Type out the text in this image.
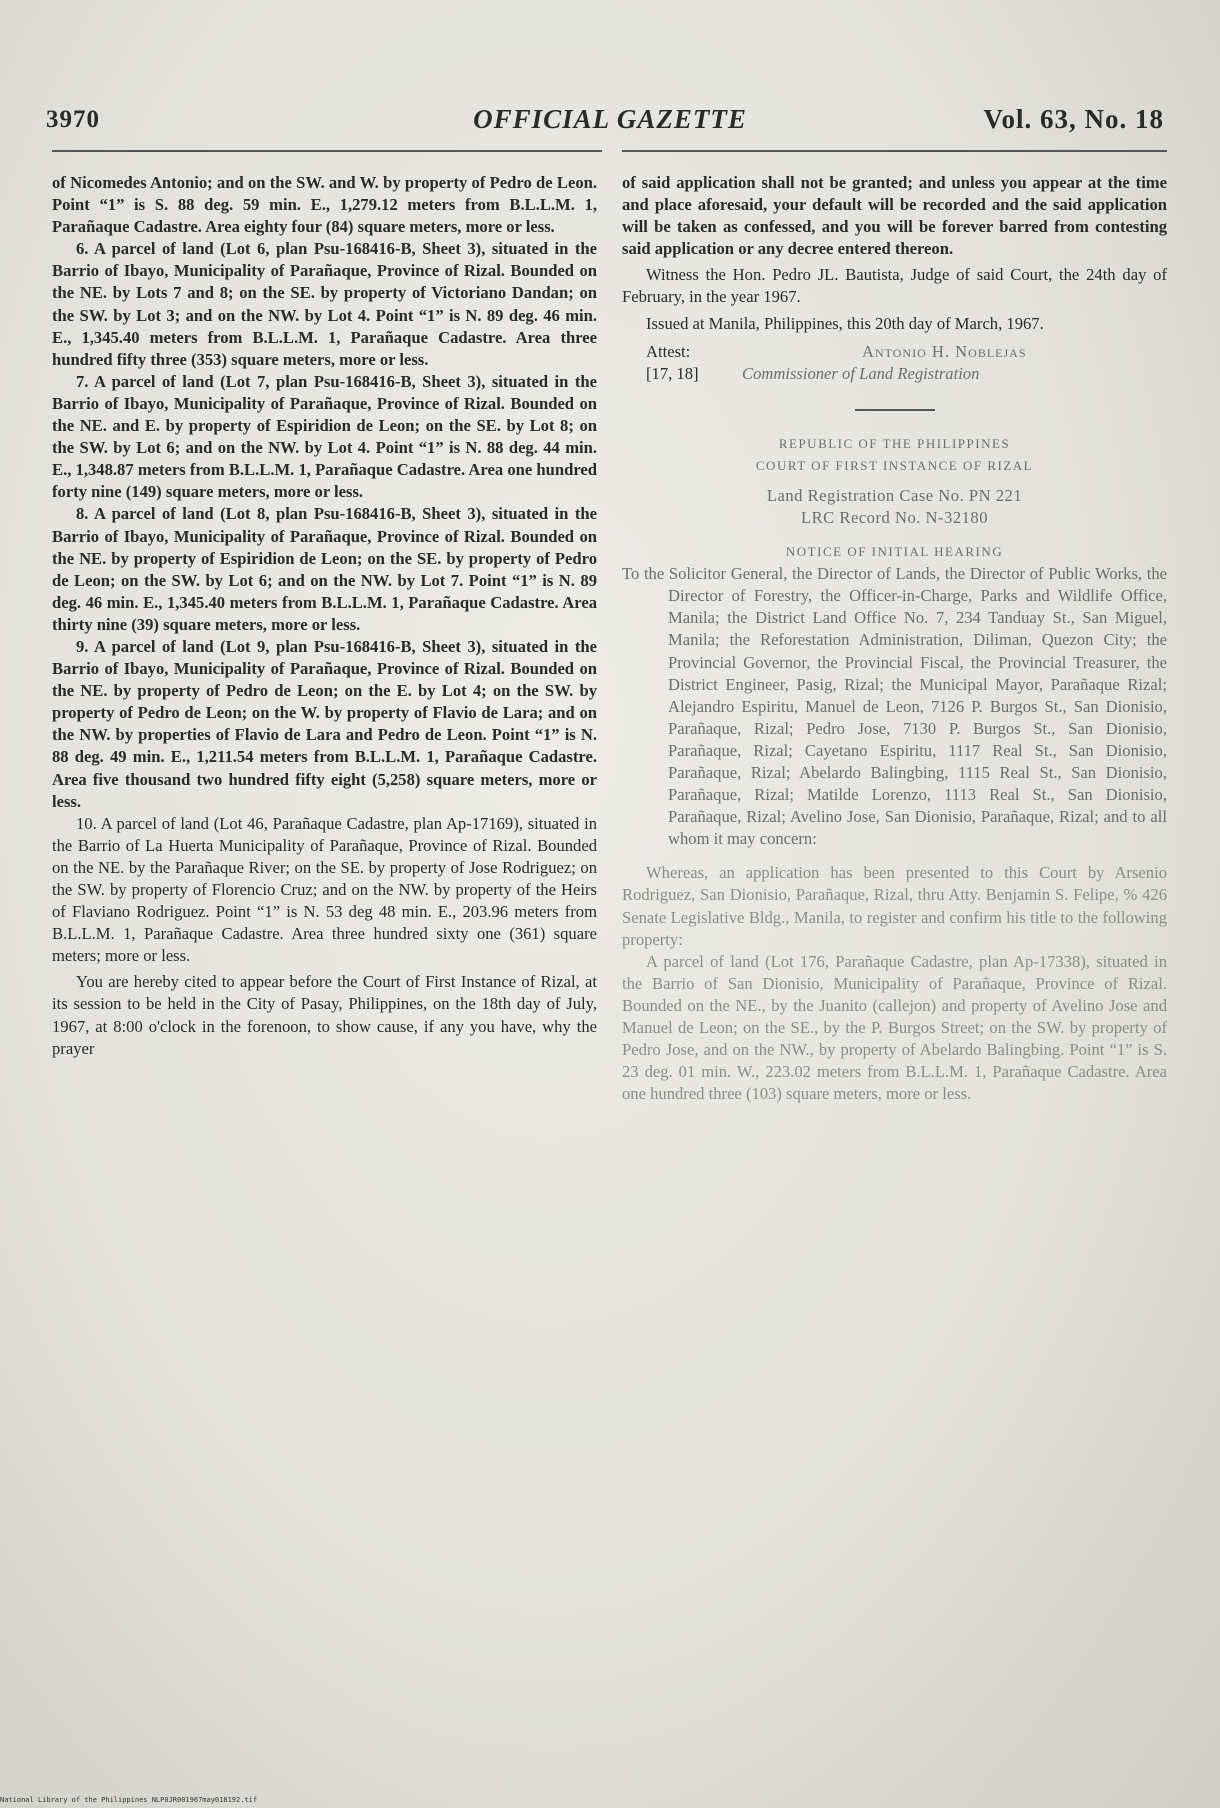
3970	OFFICIAL GAZETTE	Vol. 63, No. 18

of Nicomedes Antonio; and on the SW. and W. by property of Pedro de Leon. Point “1” is S. 88 deg. 59 min. E., 1,279.12 meters from B.L.L.M. 1, Parañaque Cadastre. Area eighty four (84) square meters, more or less.

6. A parcel of land (Lot 6, plan Psu-168416-B, Sheet 3), situated in the Barrio of Ibayo, Municipality of Parañaque, Province of Rizal. Bounded on the NE. by Lots 7 and 8; on the SE. by property of Victoriano Dandan; on the SW. by Lot 3; and on the NW. by Lot 4. Point “1” is N. 89 deg. 46 min. E., 1,345.40 meters from B.L.L.M. 1, Parañaque Cadastre. Area three hundred fifty three (353) square meters, more or less.

7. A parcel of land (Lot 7, plan Psu-168416-B, Sheet 3), situated in the Barrio of Ibayo, Municipality of Parañaque, Province of Rizal. Bounded on the NE. and E. by property of Espiridion de Leon; on the SE. by Lot 8; on the SW. by Lot 6; and on the NW. by Lot 4. Point “1” is N. 88 deg. 44 min. E., 1,348.87 meters from B.L.L.M. 1, Parañaque Cadastre. Area one hundred forty nine (149) square meters, more or less.

8. A parcel of land (Lot 8, plan Psu-168416-B, Sheet 3), situated in the Barrio of Ibayo, Municipality of Parañaque, Province of Rizal. Bounded on the NE. by property of Espiridion de Leon; on the SE. by property of Pedro de Leon; on the SW. by Lot 6; and on the NW. by Lot 7. Point “1” is N. 89 deg. 46 min. E., 1,345.40 meters from B.L.L.M. 1, Parañaque Cadastre. Area thirty nine (39) square meters, more or less.

9. A parcel of land (Lot 9, plan Psu-168416-B, Sheet 3), situated in the Barrio of Ibayo, Municipality of Parañaque, Province of Rizal. Bounded on the NE. by property of Pedro de Leon; on the E. by Lot 4; on the SW. by property of Pedro de Leon; on the W. by property of Flavio de Lara; and on the NW. by properties of Flavio de Lara and Pedro de Leon. Point “1” is N. 88 deg. 49 min. E., 1,211.54 meters from B.L.L.M. 1, Parañaque Cadastre. Area five thousand two hundred fifty eight (5,258) square meters, more or less.

10. A parcel of land (Lot 46, Parañaque Cadastre, plan Ap-17169), situated in the Barrio of La Huerta Municipality of Parañaque, Province of Rizal. Bounded on the NE. by the Parañaque River; on the SE. by property of Jose Rodriguez; on the SW. by property of Florencio Cruz; and on the NW. by property of the Heirs of Flaviano Rodriguez. Point “1” is N. 53 deg 48 min. E., 203.96 meters from B.L.L.M. 1, Parañaque Cadastre. Area three hundred sixty one (361) square meters; more or less.

You are hereby cited to appear before the Court of First Instance of Rizal, at its session to be held in the City of Pasay, Philippines, on the 18th day of July, 1967, at 8:00 o'clock in the forenoon, to show cause, if any you have, why the prayer

of said application shall not be granted; and unless you appear at the time and place aforesaid, your default will be recorded and the said application will be taken as confessed, and you will be forever barred from contesting said application or any decree entered thereon.

Witness the Hon. Pedro JL. Bautista, Judge of said Court, the 24th day of February, in the year 1967.

Issued at Manila, Philippines, this 20th day of March, 1967.

Attest:
[17, 18]
Antonio H. Noblejas
Commissioner of Land Registration

REPUBLIC OF THE PHILIPPINES

COURT OF FIRST INSTANCE OF RIZAL

Land Registration Case No. PN 221

LRC Record No. N-32180

NOTICE OF INITIAL HEARING

To the Solicitor General, the Director of Lands, the Director of Public Works, the Director of Forestry, the Officer-in-Charge, Parks and Wildlife Office, Manila; the District Land Office No. 7, 234 Tanduay St., San Miguel, Manila; the Reforestation Administration, Diliman, Quezon City; the Provincial Governor, the Provincial Fiscal, the Provincial Treasurer, the District Engineer, Pasig, Rizal; the Municipal Mayor, Parañaque Rizal; Alejandro Espiritu, Manuel de Leon, 7126 P. Burgos St., San Dionisio, Parañaque, Rizal; Pedro Jose, 7130 P. Burgos St., San Dionisio, Parañaque, Rizal; Cayetano Espiritu, 1117 Real St., San Dionisio, Parañaque, Rizal; Abelardo Balingbing, 1115 Real St., San Dionisio, Parañaque, Rizal; Matilde Lorenzo, 1113 Real St., San Dionisio, Parañaque, Rizal; Avelino Jose, San Dionisio, Parañaque, Rizal; and to all whom it may concern:

Whereas, an application has been presented to this Court by Arsenio Rodriguez, San Dionisio, Parañaque, Rizal, thru Atty. Benjamin S. Felipe, % 426 Senate Legislative Bldg., Manila, to register and confirm his title to the following property:

A parcel of land (Lot 176, Parañaque Cadastre, plan Ap-17338), situated in the Barrio of San Dionisio, Municipality of Parañaque, Province of Rizal. Bounded on the NE., by the Juanito (callejon) and property of Avelino Jose and Manuel de Leon; on the SE., by the P. Burgos Street; on the SW. by property of Pedro Jose, and on the NW., by property of Abelardo Balingbing. Point “1” is S. 23 deg. 01 min. W., 223.02 meters from B.L.L.M. 1, Parañaque Cadastre. Area one hundred three (103) square meters, more or less.

National Library of the Philippines NLP0JR001967may018192.tif
